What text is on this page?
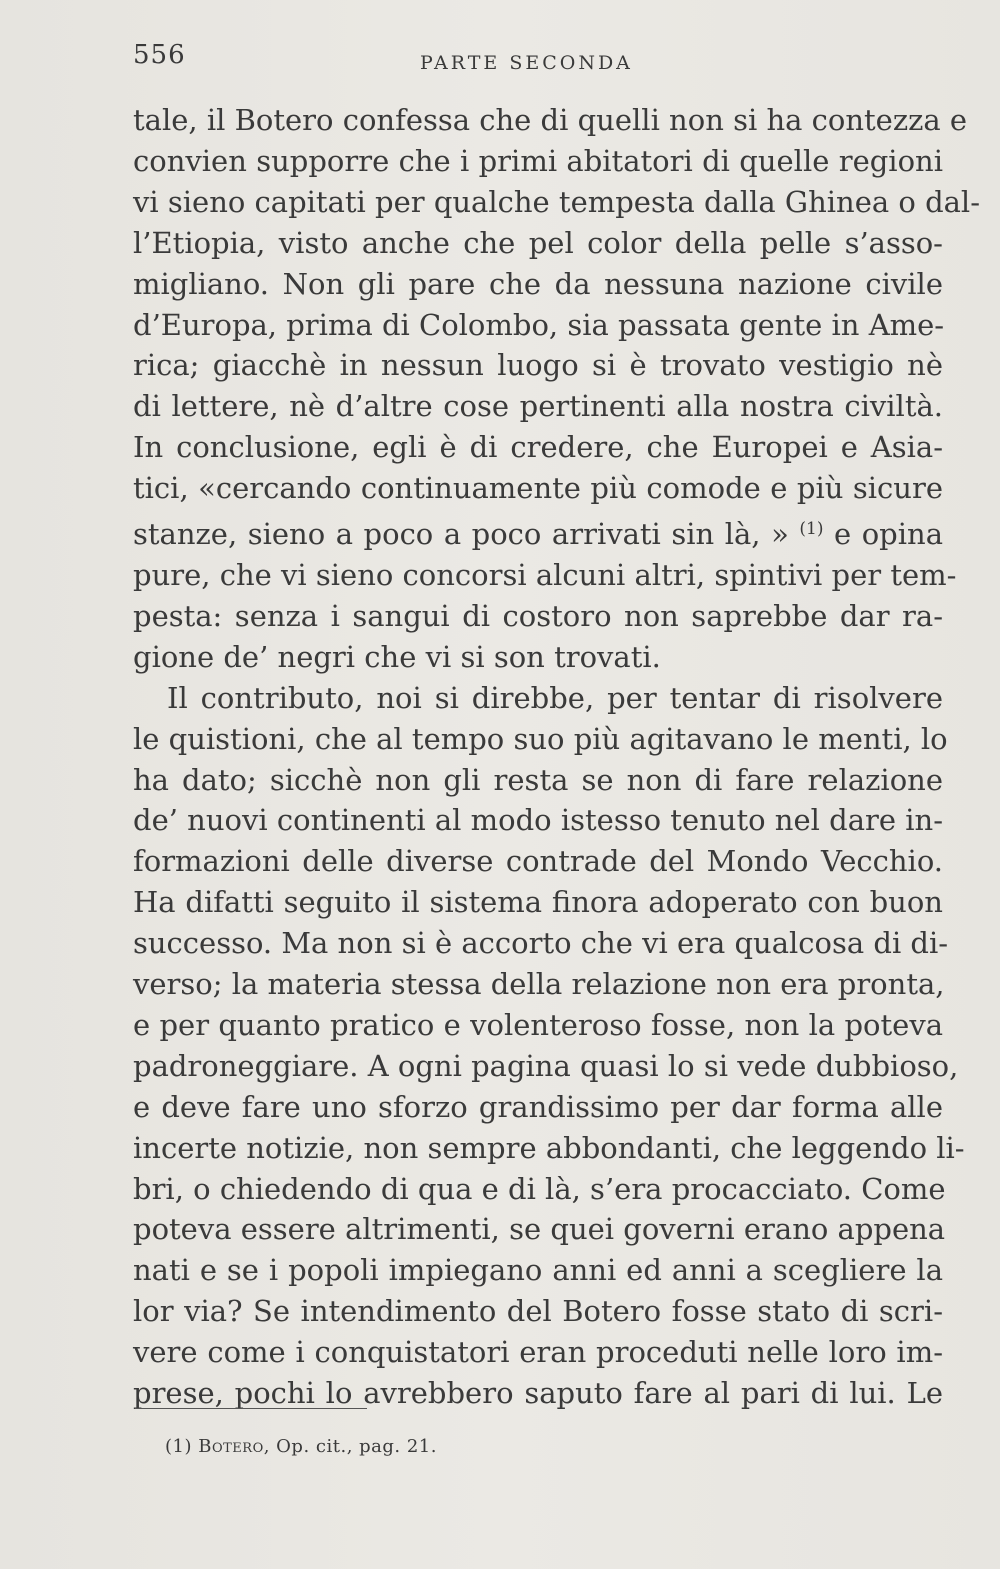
556	PARTE SECONDA
tale, il Botero confessa che di quelli non si ha contezza e
convien supporre che i primi abitatori di quelle regioni
vi sieno capitati per qualche tempesta dalla Ghinea o dal-
l’Etiopia, visto anche che pel color della pelle s’asso-
migliano. Non gli pare che da nessuna nazione civile
d’Europa, prima di Colombo, sia passata gente in Ame-
rica; giacchè in nessun luogo si è trovato vestigio nè
di lettere, nè d’altre cose pertinenti alla nostra civiltà.
In conclusione, egli è di credere, che Europei e Asia-
tici, «cercando continuamente più comode e più sicure
stanze, sieno a poco a poco arrivati sin là, » $^{(1)}$ e opina
pure, che vi sieno concorsi alcuni altri, spintivi per tem-
pesta: senza i sangui di costoro non saprebbe dar ra-
gione de’ negri che vi si son trovati.
Il contributo, noi si direbbe, per tentar di risolvere
le quistioni, che al tempo suo più agitavano le menti, lo
ha dato; sicchè non gli resta se non di fare relazione
de’ nuovi continenti al modo istesso tenuto nel dare in-
formazioni delle diverse contrade del Mondo Vecchio.
Ha difatti seguito il sistema finora adoperato con buon
successo. Ma non si è accorto che vi era qualcosa di di-
verso; la materia stessa della relazione non era pronta,
e per quanto pratico e volenteroso fosse, non la poteva
padroneggiare. A ogni pagina quasi lo si vede dubbioso,
e deve fare uno sforzo grandissimo per dar forma alle
incerte notizie, non sempre abbondanti, che leggendo li-
bri, o chiedendo di qua e di là, s’era procacciato. Come
poteva essere altrimenti, se quei governi erano appena
nati e se i popoli impiegano anni ed anni a scegliere la
lor via? Se intendimento del Botero fosse stato di scri-
vere come i conquistatori eran proceduti nelle loro im-
prese, pochi lo avrebbero saputo fare al pari di lui. Le
(1) Botero, Op. cit., pag. 21.
